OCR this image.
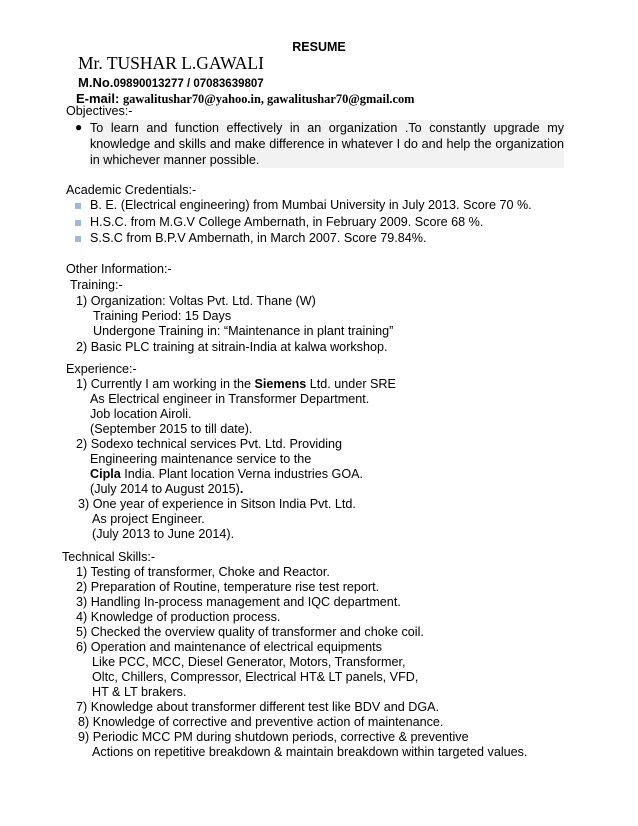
RESUME
Mr. TUSHAR L.GAWALI
M.No.09890013277 / 07083639807
E-mail: gawalitushar70@yahoo.in, gawalitushar70@gmail.com
Objectives:-
● To learn and function effectively in an organization .To constantly upgrade my knowledge and skills and make difference in whatever I do and help the organization in whichever manner possible.
Academic Credentials:-
B. E. (Electrical engineering) from Mumbai University in July 2013. Score 70 %.
H.S.C. from M.G.V College Ambernath, in February 2009. Score 68 %.
S.S.C from B.P.V Ambernath, in March 2007. Score 79.84%.
Other Information:-
Training:-
1) Organization: Voltas Pvt. Ltd. Thane (W)
Training Period: 15 Days
Undergone Training in: “Maintenance in plant training”
2) Basic PLC training at sitrain-India at kalwa workshop.
Experience:-
1) Currently I am working in the Siemens Ltd. under SRE
As Electrical engineer in Transformer Department.
Job location Airoli.
(September 2015 to till date).
2) Sodexo technical services Pvt. Ltd. Providing
Engineering maintenance service to the
Cipla India. Plant location Verna industries GOA.
(July 2014 to August 2015).
3) One year of experience in Sitson India Pvt. Ltd.
As project Engineer.
(July 2013 to June 2014).
Technical Skills:-
1) Testing of transformer, Choke and Reactor.
2) Preparation of Routine, temperature rise test report.
3) Handling In-process management and IQC department.
4) Knowledge of production process.
5) Checked the overview quality of transformer and choke coil.
6) Operation and maintenance of electrical equipments
Like PCC, MCC, Diesel Generator, Motors, Transformer,
Oltc, Chillers, Compressor, Electrical HT& LT panels, VFD,
HT & LT brakers.
7) Knowledge about transformer different test like BDV and DGA.
8) Knowledge of corrective and preventive action of maintenance.
9) Periodic MCC PM during shutdown periods, corrective & preventive
Actions on repetitive breakdown & maintain breakdown within targeted values.
